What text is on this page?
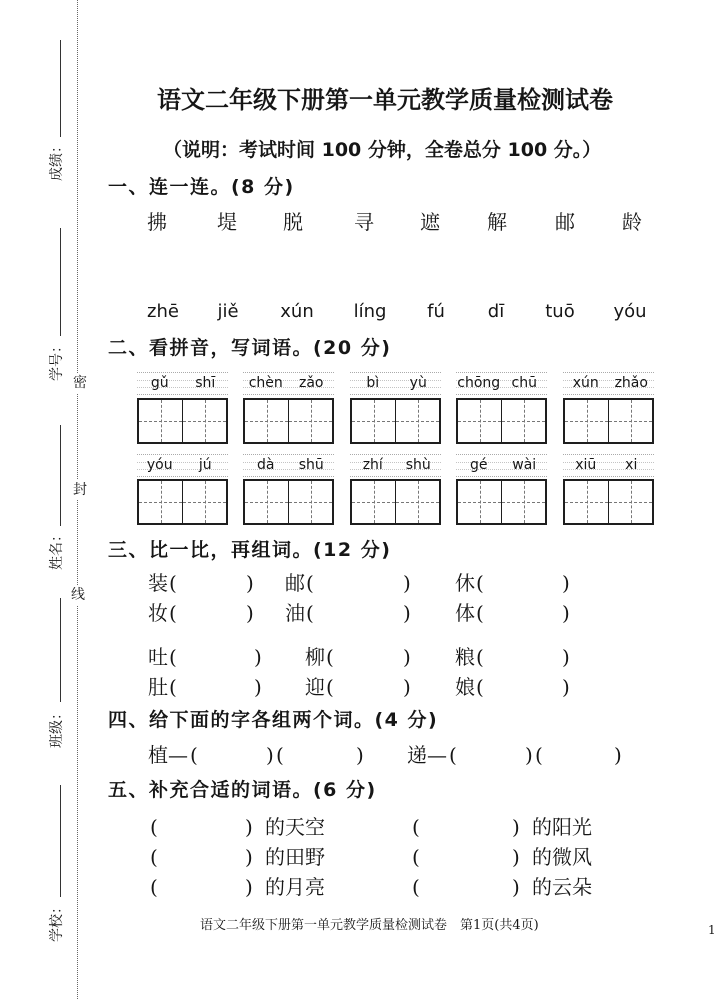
成绩：
学号：
姓名：
班级：
学校：
密
封
线
语文二年级下册第一单元教学质量检测试卷
（说明：考试时间 100 分钟，全卷总分 100 分。）
一、连一连。(8 分)
拂	堤 脱	寻 遮 解 邮 龄
zhē	jiě	xún	líng	fú	dī	tuō	yóu
二、看拼音，写词语。(20 分)
gǔ	shī	chèn	zǎo	bì	yù	chōng chū	xún	zhǎo
yóu	jú	dà	shū	zhí	shù	gé	wài	xiū	xi
三、比一比，再组词。(12 分)
装 (	) 邮 (	) 休 (	)
妆 (	) 油 (	) 体 (	)
吐 (	) 柳 (	) 粮 (	)
肚 (	) 迎 (	) 娘 (	)
四、给下面的字各组两个词。(4 分)
植— (	) (	) 递— (	) (	)
五、补充合适的词语。(6 分)
(	) 的天空	(	) 的阳光
(	) 的田野	(	) 的微风
(	) 的月亮	(	) 的云朵
语文二年级下册第一单元教学质量检测试卷　第1页(共4页)	1
